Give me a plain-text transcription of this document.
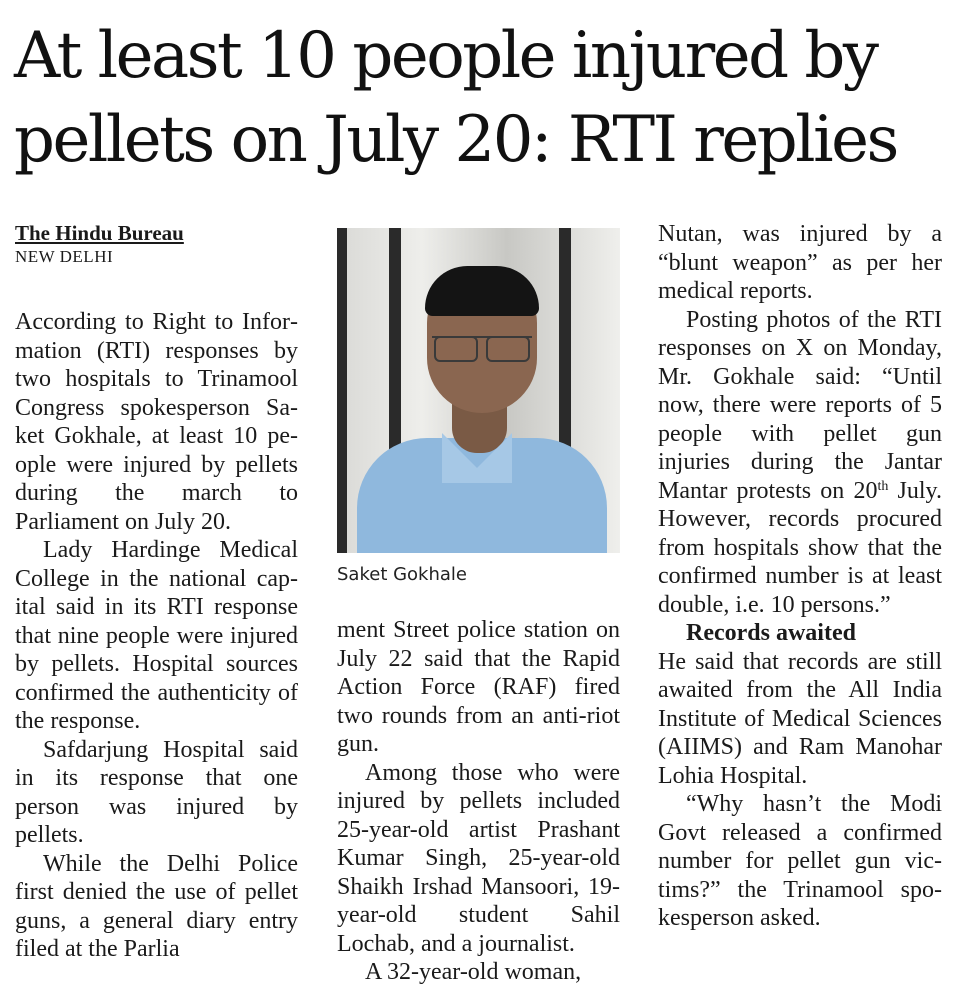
At least 10 people injured by pellets on July 20: RTI replies
The Hindu Bureau
NEW DELHI

According to Right to Information (RTI) responses by two hospitals to Trinamool Congress spokesperson Saket Gokhale, at least 10 people were injured by pellets during the march to Parliament on July 20.

Lady Hardinge Medical College in the national capital said in its RTI response that nine people were injured by pellets. Hospital sources confirmed the authenticity of the response.

Safdarjung Hospital said in its response that one person was injured by pellets.

While the Delhi Police first denied the use of pellet guns, a general diary entry filed at the Parlia

Saket Gokhale

ment Street police station on July 22 said that the Rapid Action Force (RAF) fired two rounds from an anti-riot gun.

Among those who were injured by pellets included 25-year-old artist Prashant Kumar Singh, 25-year-old Shaikh Irshad Mansoori, 19-year-old student Sahil Lochab, and a journalist.

A 32-year-old woman,

Nutan, was injured by a “blunt weapon” as per her medical reports.

Posting photos of the RTI responses on X on Monday, Mr. Gokhale said: “Until now, there were reports of 5 people with pellet gun injuries during the Jantar Mantar protests on 20th July. However, records procured from hospitals show that the confirmed number is at least double, i.e. 10 persons.”

Records awaited

He said that records are still awaited from the All India Institute of Medical Sciences (AIIMS) and Ram Manohar Lohia Hospital.

“Why hasn’t the Modi Govt released a confirmed number for pellet gun victims?” the Trinamool spokesperson asked.
